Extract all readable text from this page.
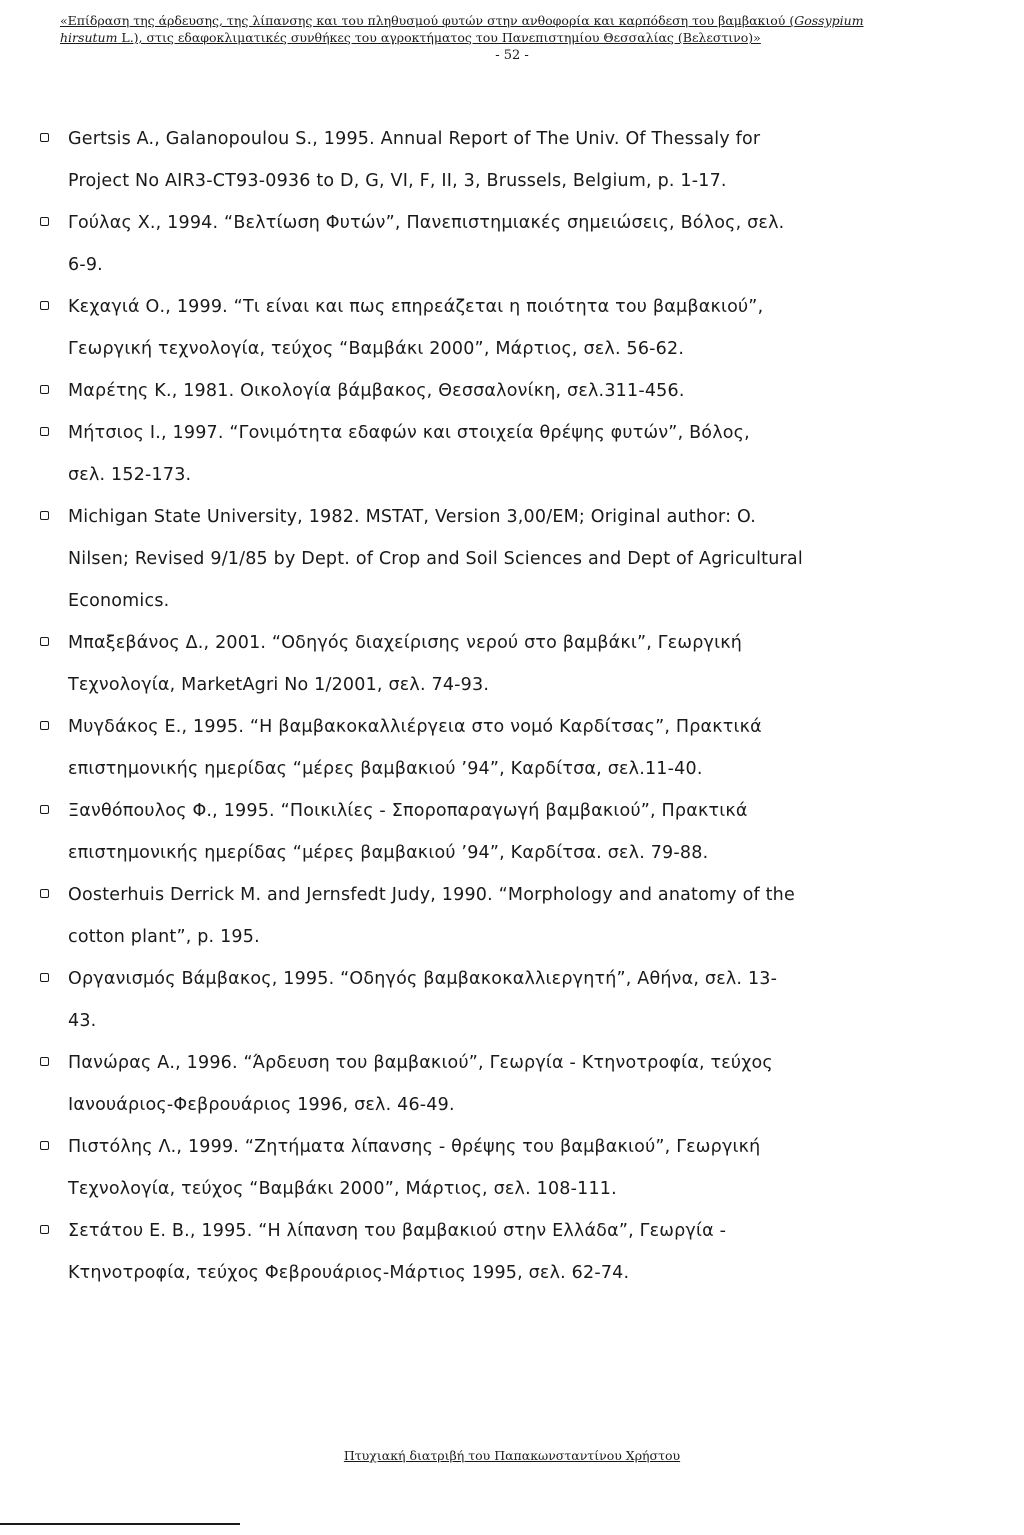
«Επίδραση της άρδευσης, της λίπανσης και του πληθυσμού φυτών στην ανθοφορία και καρπόδεση του βαμβακιού (Gossypium
hirsutum L.), στις εδαφοκλιματικές συνθήκες του αγροκτήματος του Πανεπιστημίου Θεσσαλίας (Βελεστινο)»
- 52 -
Gertsis A., Galanopoulou S., 1995. Annual Report of The Univ. Of Thessaly for
Project No AIR3-CT93-0936 to D, G, VI, F, II, 3, Brussels, Belgium, p. 1-17.
Γούλας Χ., 1994. “Βελτίωση Φυτών”, Πανεπιστημιακές σημειώσεις, Βόλος, σελ.
6-9.
Κεχαγιά Ο., 1999. “Τι είναι και πως επηρεάζεται η ποιότητα του βαμβακιού”,
Γεωργική τεχνολογία, τεύχος “Βαμβάκι 2000”, Μάρτιος, σελ. 56-62.
Μαρέτης Κ., 1981. Οικολογία βάμβακος, Θεσσαλονίκη, σελ.311-456.
Μήτσιος Ι., 1997. “Γονιμότητα εδαφών και στοιχεία θρέψης φυτών”, Βόλος,
σελ. 152-173.
Michigan State University, 1982. MSTAT, Version 3,00/EM; Original author: O.
Nilsen; Revised 9/1/85 by Dept. of Crop and Soil Sciences and Dept of Agricultural
Economics.
Μπαξεβάνος Δ., 2001. “Οδηγός διαχείρισης νερού στο βαμβάκι”, Γεωργική
Τεχνολογία, MarketAgri No 1/2001, σελ. 74-93.
Μυγδάκος Ε., 1995. “Η βαμβακοκαλλιέργεια στο νομό Καρδίτσας”, Πρακτικά
επιστημονικής ημερίδας “μέρες βαμβακιού ’94”, Καρδίτσα, σελ.11-40.
Ξανθόπουλος Φ., 1995. “Ποικιλίες - Σποροπαραγωγή βαμβακιού”, Πρακτικά
επιστημονικής ημερίδας “μέρες βαμβακιού ’94”, Καρδίτσα. σελ. 79-88.
Oosterhuis Derrick M. and Jernsfedt Judy, 1990. “Morphology and anatomy of the
cotton plant”, p. 195.
Οργανισμός Βάμβακος, 1995. “Οδηγός βαμβακοκαλλιεργητή”, Αθήνα, σελ. 13-
43.
Πανώρας Α., 1996. “Άρδευση του βαμβακιού”, Γεωργία - Κτηνοτροφία, τεύχος
Ιανουάριος-Φεβρουάριος 1996, σελ. 46-49.
Πιστόλης Λ., 1999. “Ζητήματα λίπανσης - θρέψης του βαμβακιού”, Γεωργική
Τεχνολογία, τεύχος “Βαμβάκι 2000”, Μάρτιος, σελ. 108-111.
Σετάτου Ε. Β., 1995. “Η λίπανση του βαμβακιού στην Ελλάδα”, Γεωργία -
Κτηνοτροφία, τεύχος Φεβρουάριος-Μάρτιος 1995, σελ. 62-74.
Πτυχιακή διατριβή του Παπακωνσταντίνου Χρήστου
